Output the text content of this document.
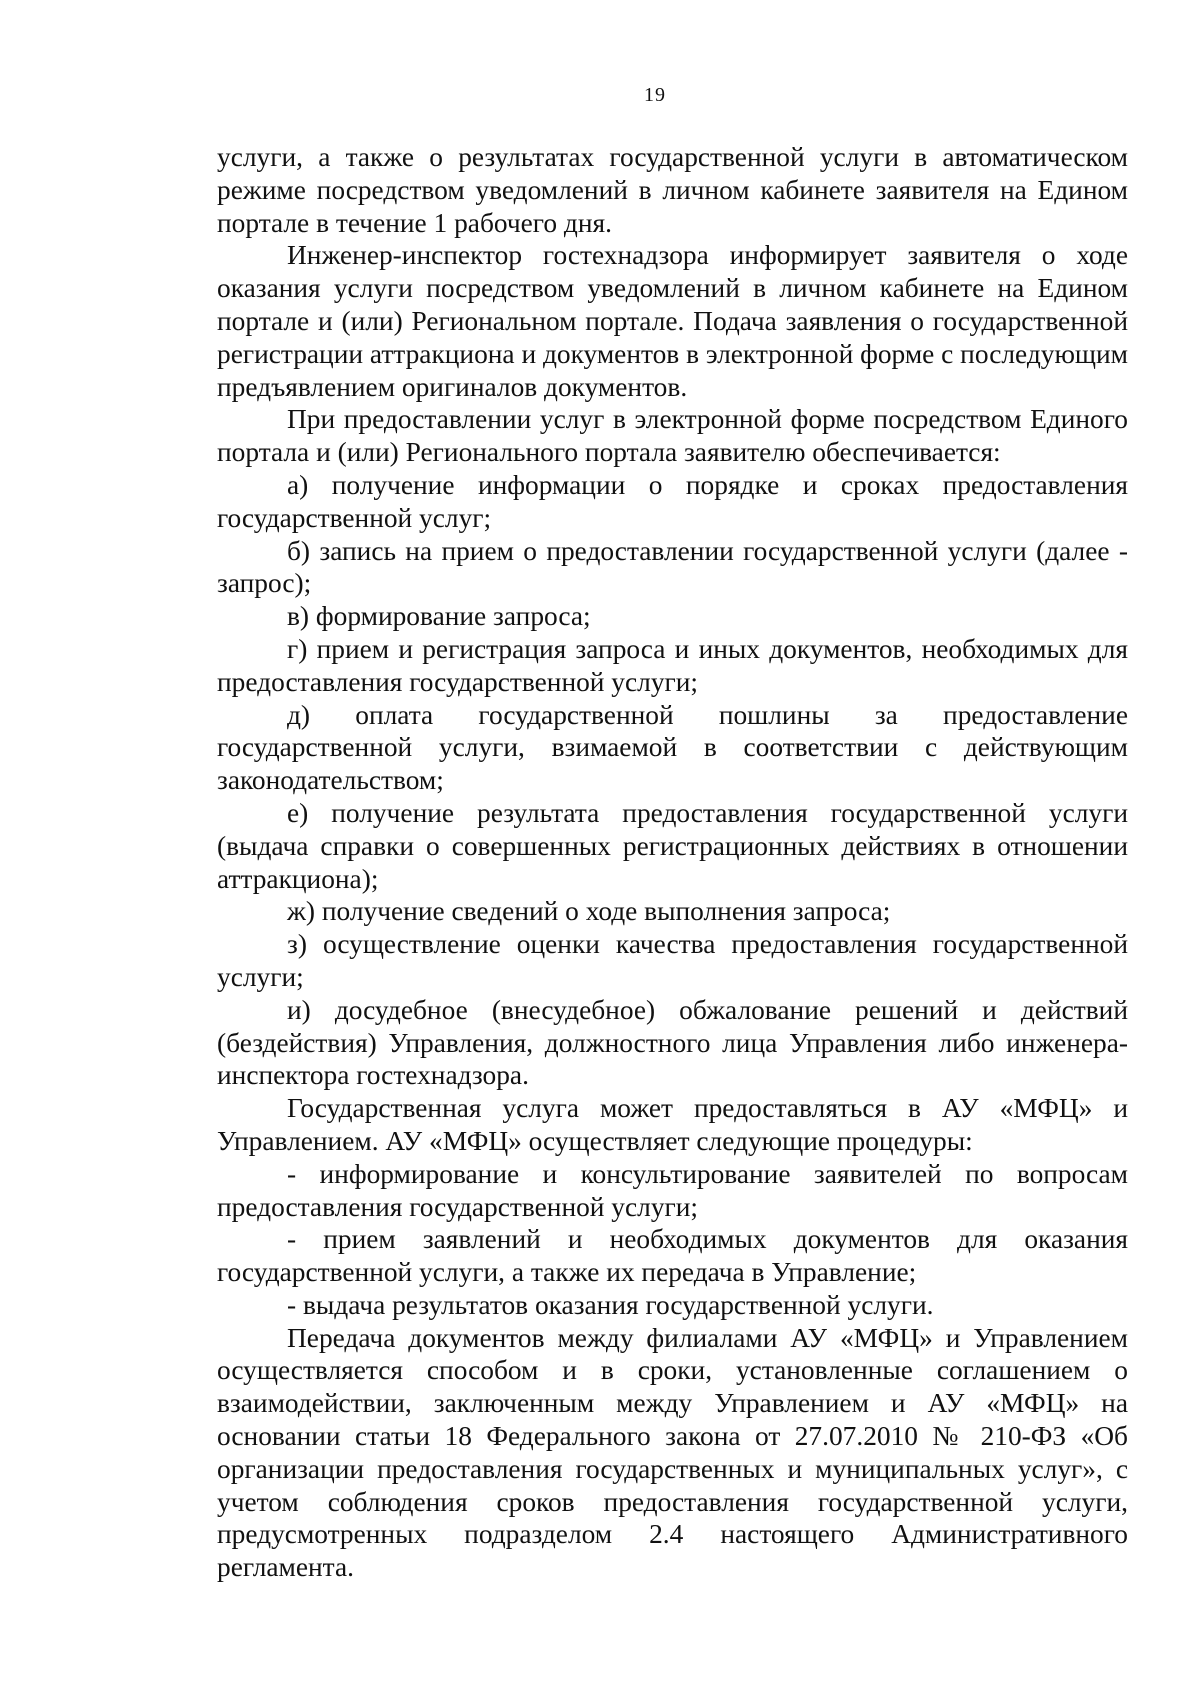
19

услуги, а также о результатах государственной услуги в автоматическом режиме посредством уведомлений в личном кабинете заявителя на Едином портале в течение 1 рабочего дня.

Инженер-инспектор гостехнадзора информирует заявителя о ходе оказания услуги посредством уведомлений в личном кабинете на Едином портале и (или) Региональном портале. Подача заявления о государственной регистрации аттракциона и документов в электронной форме с последующим предъявлением оригиналов документов.

При предоставлении услуг в электронной форме посредством Единого портала и (или) Регионального портала заявителю обеспечивается:

а) получение информации о порядке и сроках предоставления государственной услуг;

б) запись на прием о предоставлении государственной услуги (далее - запрос);

в) формирование запроса;

г) прием и регистрация запроса и иных документов, необходимых для предоставления государственной услуги;

д) оплата государственной пошлины за предоставление государственной услуги, взимаемой в соответствии с действующим законодательством;

е) получение результата предоставления государственной услуги (выдача справки о совершенных регистрационных действиях в отношении аттракциона);

ж) получение сведений о ходе выполнения запроса;

з) осуществление оценки качества предоставления государственной услуги;

и) досудебное (внесудебное) обжалование решений и действий (бездействия) Управления, должностного лица Управления либо инженера-инспектора гостехнадзора.

Государственная услуга может предоставляться в АУ «МФЦ» и Управлением. АУ «МФЦ» осуществляет следующие процедуры:

- информирование и консультирование заявителей по вопросам предоставления государственной услуги;

- прием заявлений и необходимых документов для оказания государственной услуги, а также их передача в Управление;

- выдача результатов оказания государственной услуги.

Передача документов между филиалами АУ «МФЦ» и Управлением осуществляется способом и в сроки, установленные соглашением о взаимодействии, заключенным между Управлением и АУ «МФЦ» на основании статьи 18 Федерального закона от 27.07.2010 № 210-ФЗ «Об организации предоставления государственных и муниципальных услуг», с учетом соблюдения сроков предоставления государственной услуги, предусмотренных подразделом 2.4 настоящего Административного регламента.
